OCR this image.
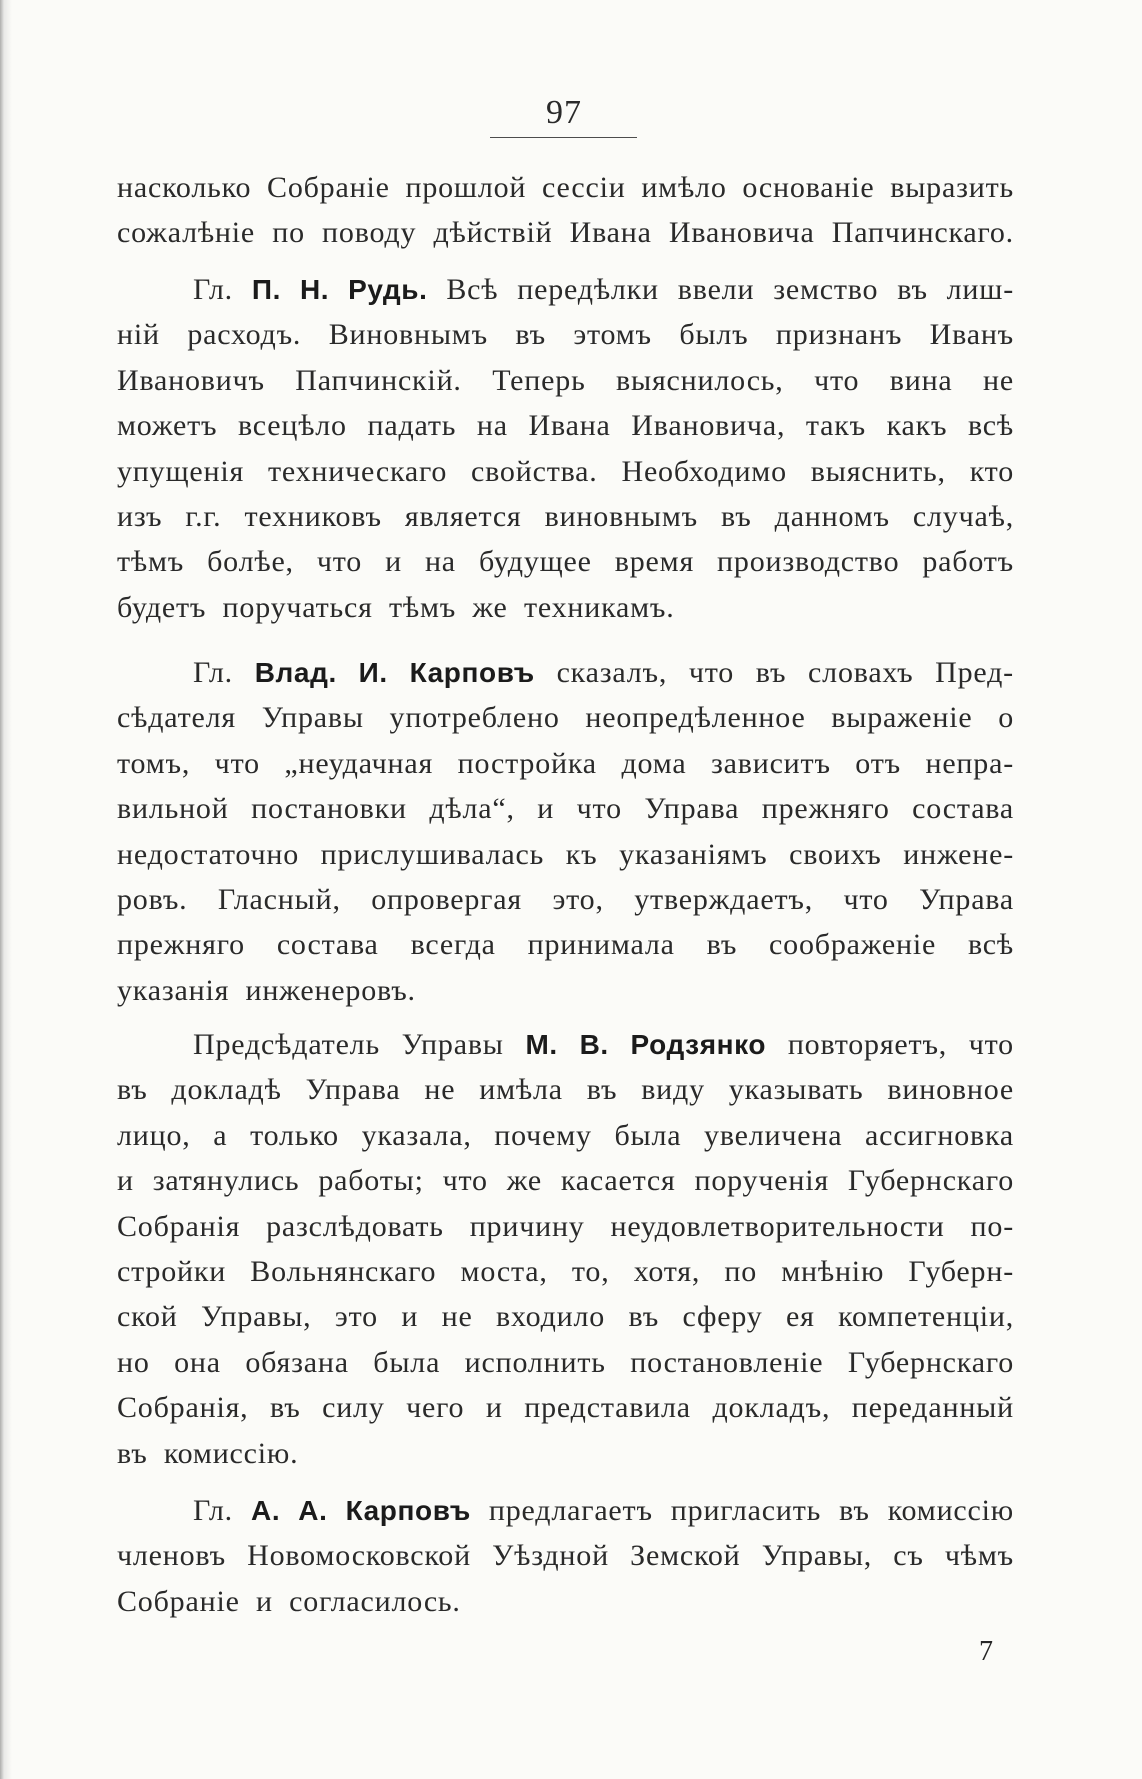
97
насколько Собраніе прошлой сессіи имѣло основаніе выразить
сожалѣніе по поводу дѣйствій Ивана Ивановича Папчинскаго.
Гл. П. Н. Рудь. Всѣ передѣлки ввели земство въ лиш-
ній расходъ. Виновнымъ въ этомъ былъ признанъ Иванъ
Ивановичъ Папчинскій. Теперь выяснилось, что вина не
можетъ всецѣло падать на Ивана Ивановича, такъ какъ всѣ
упущенія техническаго свойства. Необходимо выяснить, кто
изъ г.г. техниковъ является виновнымъ въ данномъ случаѣ,
тѣмъ болѣе, что и на будущее время производство работъ
будетъ поручаться тѣмъ же техникамъ.
Гл. Влад. И. Карповъ сказалъ, что въ словахъ Пред-
сѣдателя Управы употреблено неопредѣленное выраженіе о
томъ, что „неудачная постройка дома зависитъ отъ непра-
вильной постановки дѣла“, и что Управа прежняго состава
недостаточно прислушивалась къ указаніямъ своихъ инжене-
ровъ. Гласный, опровергая это, утверждаетъ, что Управа
прежняго состава всегда принимала въ соображеніе всѣ
указанія инженеровъ.
Предсѣдатель Управы М. В. Родзянко повторяетъ, что
въ докладѣ Управа не имѣла въ виду указывать виновное
лицо, а только указала, почему была увеличена ассигновка
и затянулись работы; что же касается порученія Губернскаго
Собранія разслѣдовать причину неудовлетворительности по-
стройки Вольнянскаго моста, то, хотя, по мнѣнію Губерн-
ской Управы, это и не входило въ сферу ея компетенціи,
но она обязана была исполнить постановленіе Губернскаго
Собранія, въ силу чего и представила докладъ, переданный
въ комиссію.
Гл. А. А. Карповъ предлагаетъ пригласить въ комиссію
членовъ Новомосковской Уѣздной Земской Управы, съ чѣмъ
Собраніе и согласилось.
7
